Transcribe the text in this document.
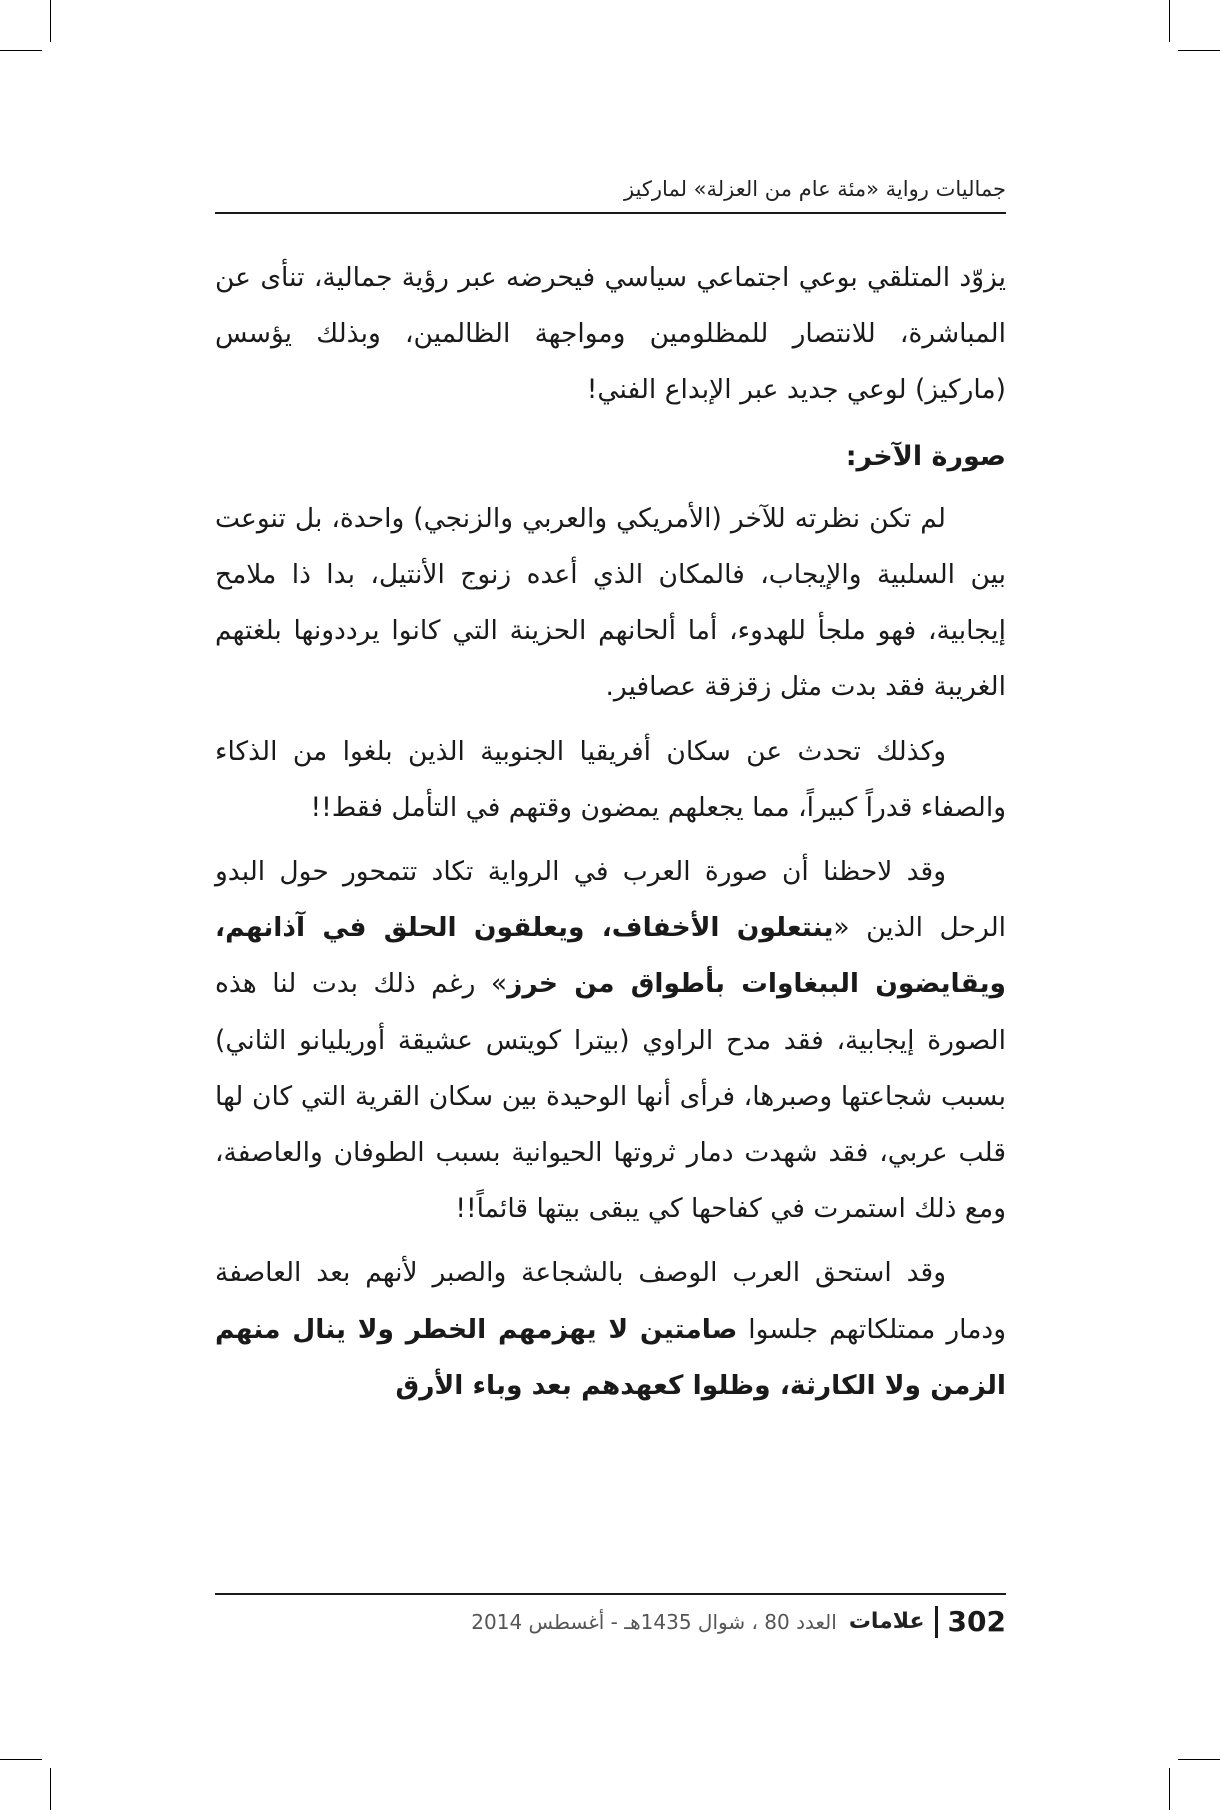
جماليات رواية «مئة عام من العزلة» لماركيز

يزوّد المتلقي بوعي اجتماعي سياسي فيحرضه عبر رؤية جمالية، تنأى عن المباشرة، للانتصار للمظلومين ومواجهة الظالمين، وبذلك يؤسس (ماركيز) لوعي جديد عبر الإبداع الفني!

صورة الآخر:

لم تكن نظرته للآخر (الأمريكي والعربي والزنجي) واحدة، بل تنوعت بين السلبية والإيجاب، فالمكان الذي أعده زنوج الأنتيل، بدا ذا ملامح إيجابية، فهو ملجأ للهدوء، أما ألحانهم الحزينة التي كانوا يرددونها بلغتهم الغريبة فقد بدت مثل زقزقة عصافير.

وكذلك تحدث عن سكان أفريقيا الجنوبية الذين بلغوا من الذكاء والصفاء قدراً كبيراً، مما يجعلهم يمضون وقتهم في التأمل فقط!!

وقد لاحظنا أن صورة العرب في الرواية تكاد تتمحور حول البدو الرحل الذين «ينتعلون الأخفاف، ويعلقون الحلق في آذانهم، ويقايضون الببغاوات بأطواق من خرز» رغم ذلك بدت لنا هذه الصورة إيجابية، فقد مدح الراوي (بيترا كويتس عشيقة أوريليانو الثاني) بسبب شجاعتها وصبرها، فرأى أنها الوحيدة بين سكان القرية التي كان لها قلب عربي، فقد شهدت دمار ثروتها الحيوانية بسبب الطوفان والعاصفة، ومع ذلك استمرت في كفاحها كي يبقى بيتها قائماً!!

وقد استحق العرب الوصف بالشجاعة والصبر لأنهم بعد العاصفة ودمار ممتلكاتهم جلسوا صامتين لا يهزمهم الخطر ولا ينال منهم الزمن ولا الكارثة، وظلوا كعهدهم بعد وباء الأرق

302
علامات
العدد 80 ، شوال 1435هـ - أغسطس 2014
